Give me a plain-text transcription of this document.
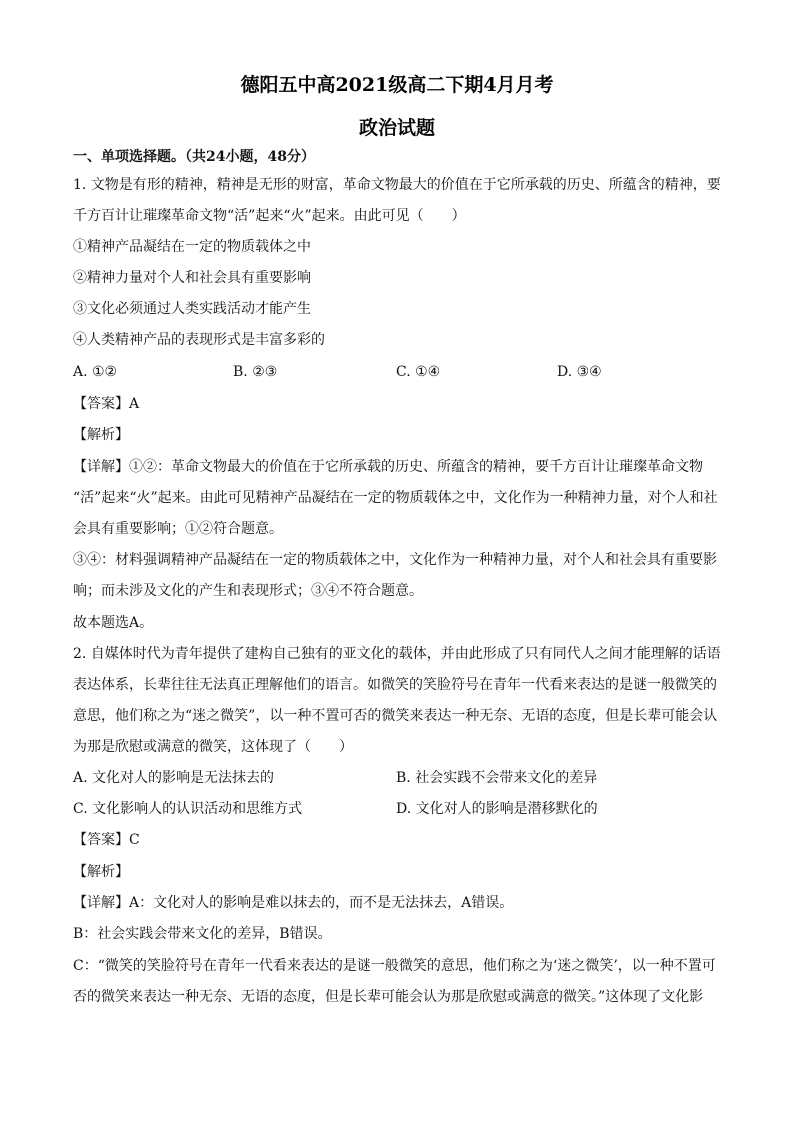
德阳五中高2021级高二下期4月月考
政治试题
一、单项选择题。（共24小题，48分）
1. 文物是有形的精神，精神是无形的财富，革命文物最大的价值在于它所承载的历史、所蕴含的精神，要
千方百计让璀璨革命文物“活”起来“火”起来。由此可见（　　）
①精神产品凝结在一定的物质载体之中
②精神力量对个人和社会具有重要影响
③文化必须通过人类实践活动才能产生
④人类精神产品的表现形式是丰富多彩的
A. ①②	B. ②③	C. ①④	D. ③④
【答案】A
【解析】
【详解】①②：革命文物最大的价值在于它所承载的历史、所蕴含的精神，要千方百计让璀璨革命文物
“活”起来“火”起来。由此可见精神产品凝结在一定的物质载体之中，文化作为一种精神力量，对个人和社
会具有重要影响；①②符合题意。
③④：材料强调精神产品凝结在一定的物质载体之中，文化作为一种精神力量，对个人和社会具有重要影
响；而未涉及文化的产生和表现形式；③④不符合题意。
故本题选A。
2. 自媒体时代为青年提供了建构自己独有的亚文化的载体，并由此形成了只有同代人之间才能理解的话语
表达体系，长辈往往无法真正理解他们的语言。如微笑的笑脸符号在青年一代看来表达的是谜一般微笑的
意思，他们称之为“迷之微笑”，以一种不置可否的微笑来表达一种无奈、无语的态度，但是长辈可能会认
为那是欣慰或满意的微笑，这体现了（　　）
A. 文化对人的影响是无法抹去的	B. 社会实践不会带来文化的差异
C. 文化影响人的认识活动和思维方式	D. 文化对人的影响是潜移默化的
【答案】C
【解析】
【详解】A：文化对人的影响是难以抹去的，而不是无法抹去，A错误。
B：社会实践会带来文化的差异，B错误。
C：“微笑的笑脸符号在青年一代看来表达的是谜一般微笑的意思，他们称之为‘迷之微笑’，以一种不置可
否的微笑来表达一种无奈、无语的态度，但是长辈可能会认为那是欣慰或满意的微笑。”这体现了文化影
